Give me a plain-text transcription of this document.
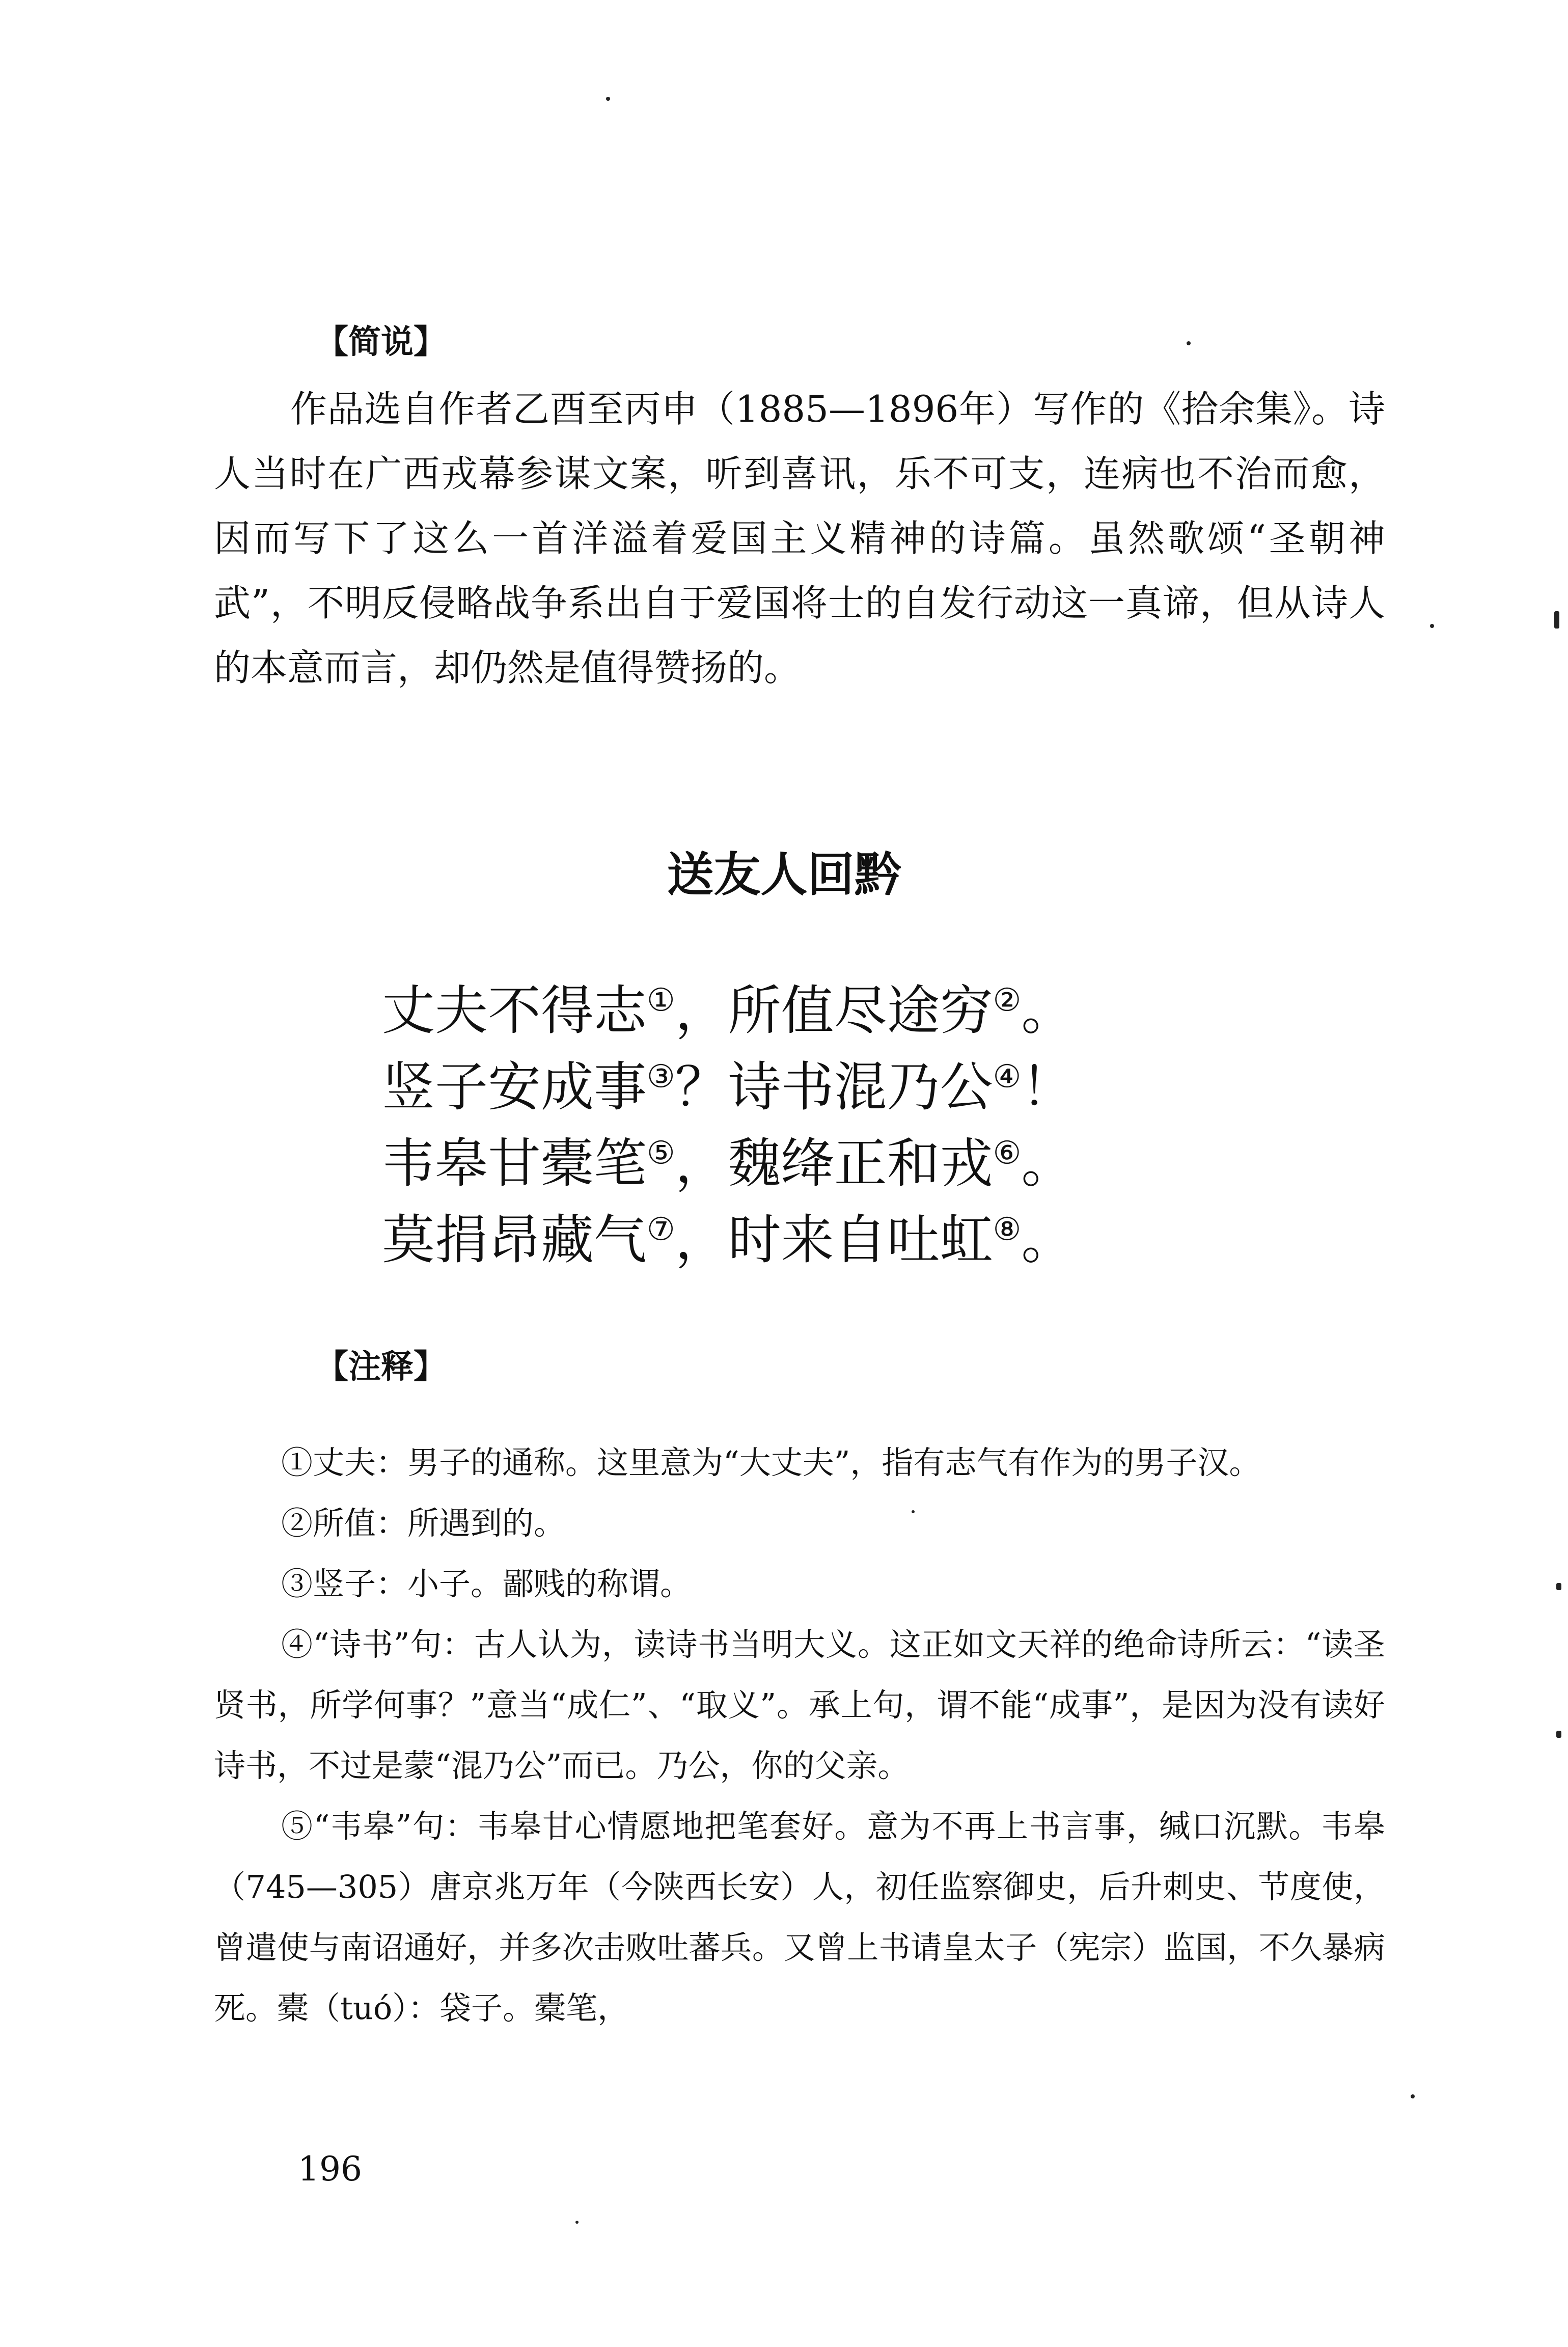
【简说】

作品选自作者乙酉至丙申（1885—1896年）写作的《拾余集》。诗人当时在广西戎幕参谋文案，听到喜讯，乐不可支，连病也不治而愈，因而写下了这么一首洋溢着爱国主义精神的诗篇。虽然歌颂“圣朝神武”，不明反侵略战争系出自于爱国将士的自发行动这一真谛，但从诗人的本意而言，却仍然是值得赞扬的。

送友人回黔
丈夫不得志①，所值尽途穷②。
竖子安成事③？诗书混乃公④！
韦皋甘橐笔⑤，魏绛正和戎⑥。
莫捐昂藏气⑦，时来自吐虹⑧。
【注释】

①丈夫：男子的通称。这里意为“大丈夫”，指有志气有作为的男子汉。

②所值：所遇到的。

③竖子：小子。鄙贱的称谓。

④“诗书”句：古人认为，读诗书当明大义。这正如文天祥的绝命诗所云：“读圣贤书，所学何事？”意当“成仁”、“取义”。承上句，谓不能“成事”，是因为没有读好诗书，不过是蒙“混乃公”而已。乃公，你的父亲。

⑤“韦皋”句：韦皋甘心情愿地把笔套好。意为不再上书言事，缄口沉默。韦皋（745—305）唐京兆万年（今陕西长安）人，初任监察御史，后升刺史、节度使，曾遣使与南诏通好，并多次击败吐蕃兵。又曾上书请皇太子（宪宗）监国，不久暴病死。橐（tuó）：袋子。橐笔，

196
